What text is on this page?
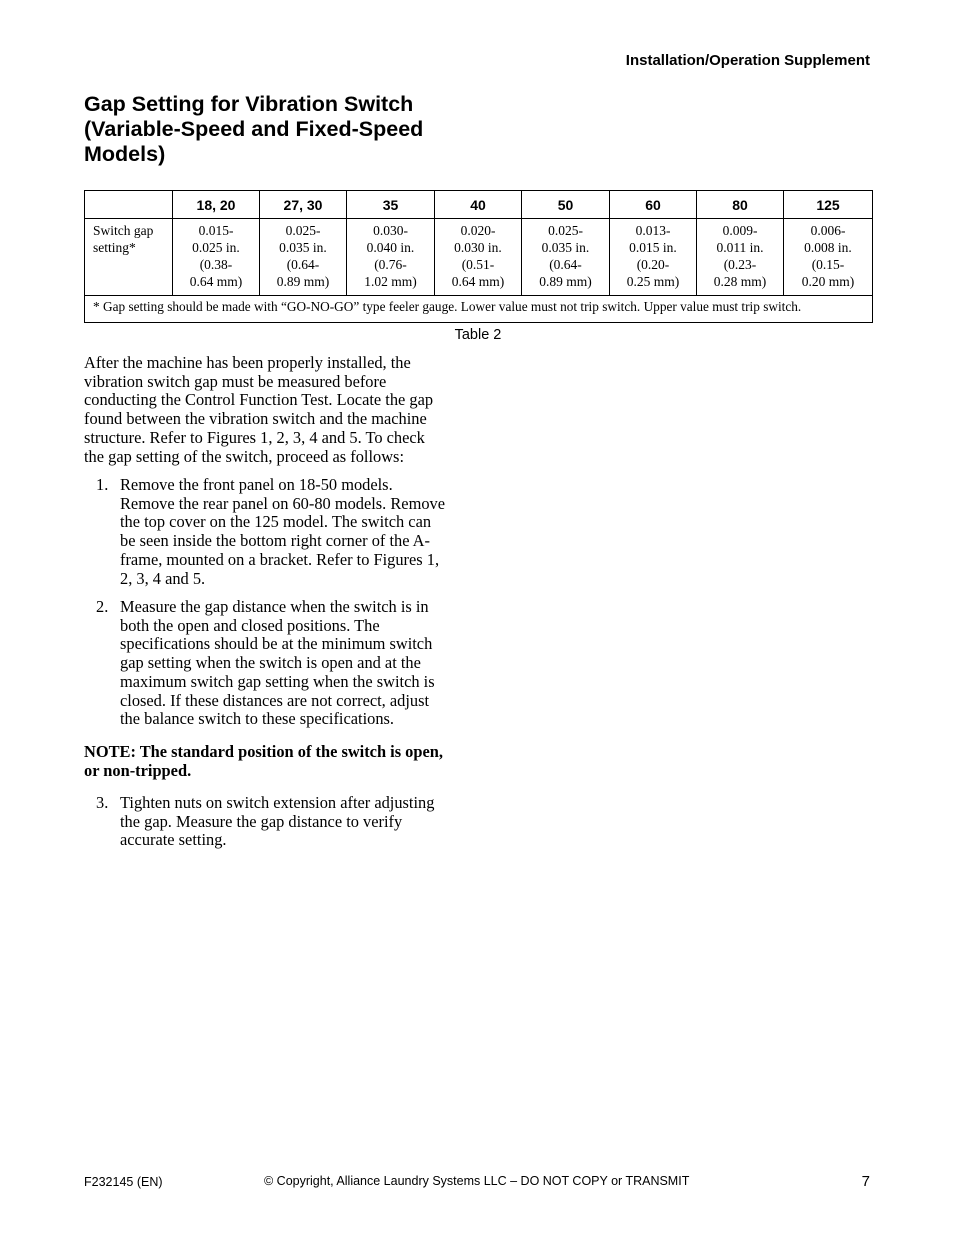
Installation/Operation Supplement
Gap Setting for Vibration Switch
(Variable-Speed and Fixed-Speed
Models)
	18, 20	27, 30	35	40	50	60	80	125

Switch gap
setting*	0.015-
0.025 in.
(0.38-
0.64 mm)	0.025-
0.035 in.
(0.64-
0.89 mm)	0.030-
0.040 in.
(0.76-
1.02 mm)	0.020-
0.030 in.
(0.51-
0.64 mm)	0.025-
0.035 in.
(0.64-
0.89 mm)	0.013-
0.015 in.
(0.20-
0.25 mm)	0.009-
0.011 in.
(0.23-
0.28 mm)	0.006-
0.008 in.
(0.15-
0.20 mm)

* Gap setting should be made with “GO-NO-GO” type feeler gauge. Lower value must not trip switch. Upper value must trip switch.								
Table 2
After the machine has been properly installed, the
vibration switch gap must be measured before
conducting the Control Function Test. Locate the gap
found between the vibration switch and the machine
structure. Refer to Figures 1, 2, 3, 4 and 5. To check
the gap setting of the switch, proceed as follows:
1. Remove the front panel on 18-50 models.
Remove the rear panel on 60-80 models. Remove
the top cover on the 125 model. The switch can
be seen inside the bottom right corner of the A-
frame, mounted on a bracket. Refer to Figures 1,
2, 3, 4 and 5.
2. Measure the gap distance when the switch is in
both the open and closed positions. The
specifications should be at the minimum switch
gap setting when the switch is open and at the
maximum switch gap setting when the switch is
closed. If these distances are not correct, adjust
the balance switch to these specifications.
NOTE: The standard position of the switch is open,
or non-tripped.
3. Tighten nuts on switch extension after adjusting
the gap. Measure the gap distance to verify
accurate setting.
F232145 (EN)	© Copyright, Alliance Laundry Systems LLC – DO NOT COPY or TRANSMIT	7
